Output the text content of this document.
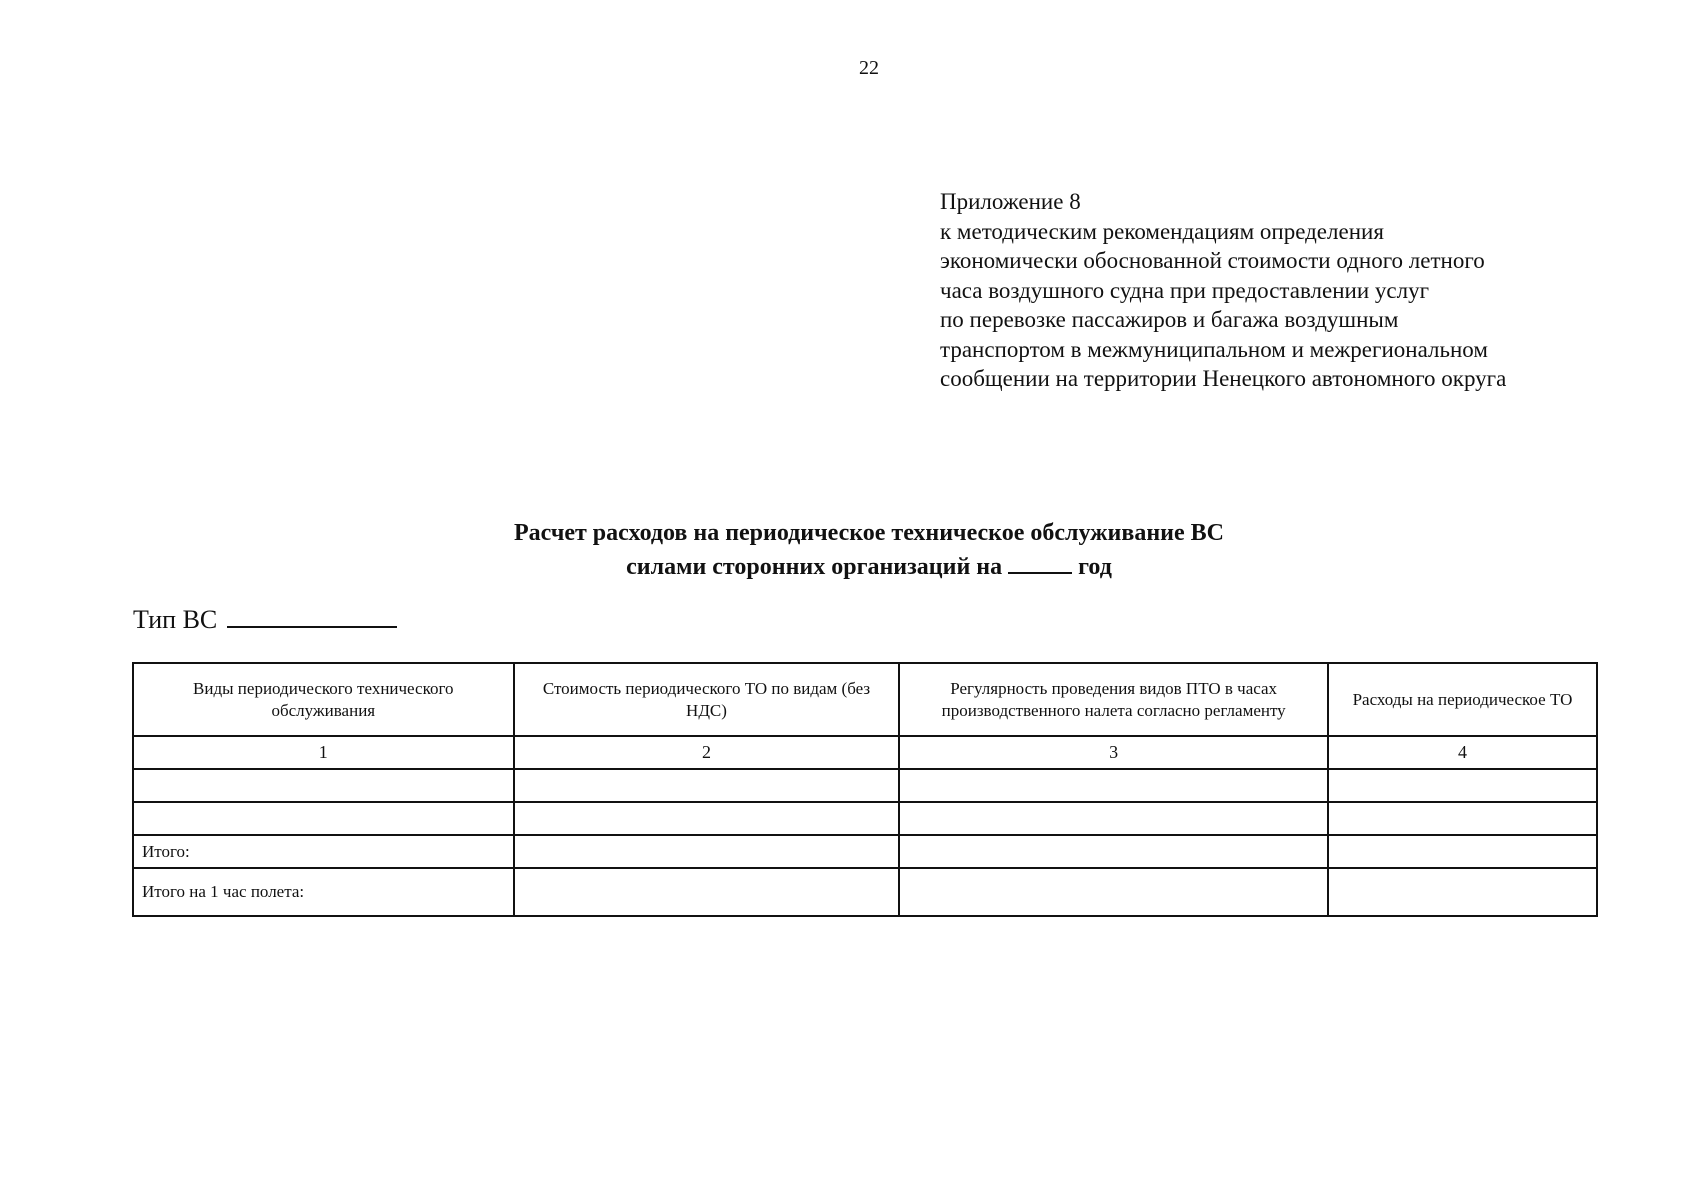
22
Приложение 8
к методическим рекомендациям определения
экономически обоснованной стоимости одного летного
часа воздушного судна при предоставлении услуг
по перевозке пассажиров и багажа воздушным
транспортом в межмуниципальном и межрегиональном
сообщении на территории Ненецкого автономного округа
Расчет расходов на периодическое техническое обслуживание ВС
силами сторонних организаций на	год
Тип ВС
Виды периодического технического обслуживания	Стоимость периодического ТО по видам (без НДС)	Регулярность проведения видов ПТО в часах производственного налета согласно регламенту	Расходы на периодическое ТО
1	2	3	4

Итого:			
Итого на 1 час полета:			
